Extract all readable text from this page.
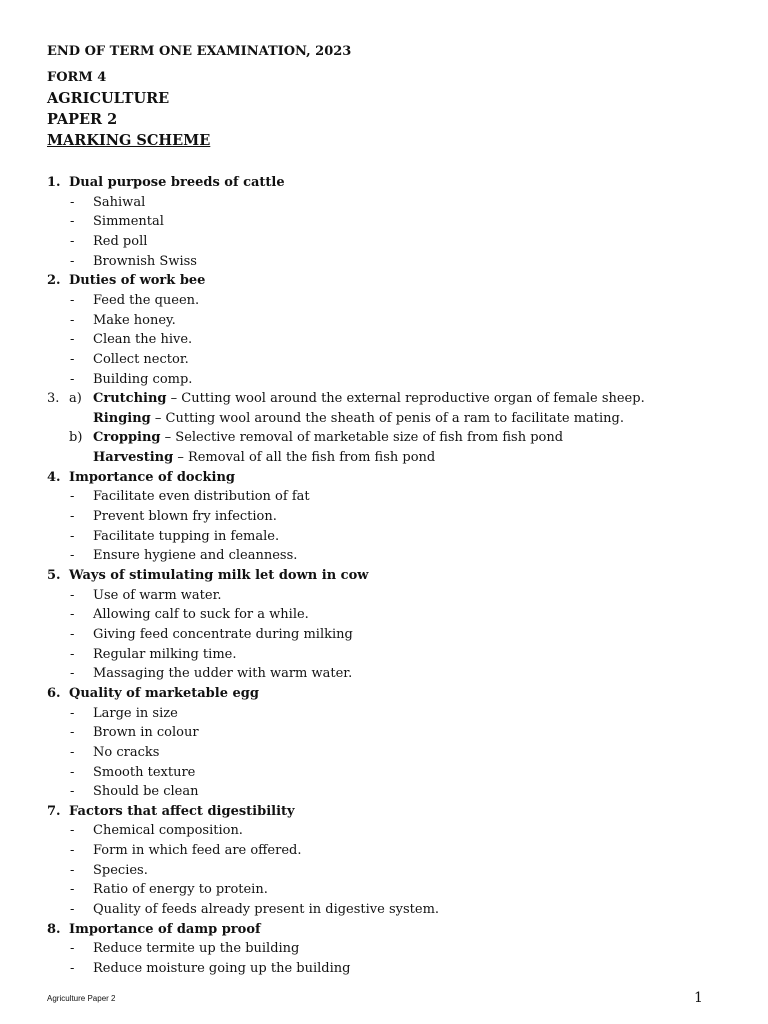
END OF TERM ONE EXAMINATION, 2023
FORM 4
AGRICULTURE
PAPER 2
MARKING SCHEME
1. Dual purpose breeds of cattle
- Sahiwal
- Simmental
- Red poll
- Brownish Swiss
2. Duties of work bee
- Feed the queen.
- Make honey.
- Clean the hive.
- Collect nector.
- Building comp.
3. a) Crutching – Cutting wool around the external reproductive organ of female sheep.
Ringing – Cutting wool around the sheath of penis of a ram to facilitate mating.
b) Cropping – Selective removal of marketable size of fish from fish pond
Harvesting – Removal of all the fish from fish pond
4. Importance of docking
- Facilitate even distribution of fat
- Prevent blown fry infection.
- Facilitate tupping in female.
- Ensure hygiene and cleanness.
5. Ways of stimulating milk let down in cow
- Use of warm water.
- Allowing calf to suck for a while.
- Giving feed concentrate during milking
- Regular milking time.
- Massaging the udder with warm water.
6. Quality of marketable egg
- Large in size
- Brown in colour
- No cracks
- Smooth texture
- Should be clean
7. Factors that affect digestibility
- Chemical composition.
- Form in which feed are offered.
- Species.
- Ratio of energy to protein.
- Quality of feeds already present in digestive system.
8. Importance of damp proof
- Reduce termite up the building
- Reduce moisture going up the building
Agriculture Paper 2	1
